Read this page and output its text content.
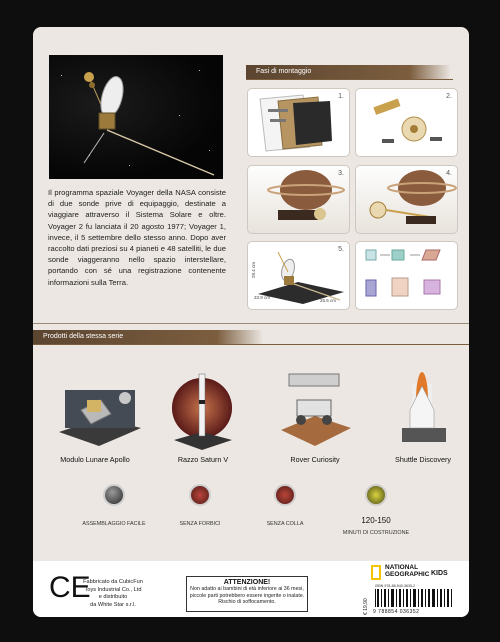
Il programma spaziale Voyager della NASA consiste di due sonde prive di equipaggio, destinate a viaggiare attraverso il Sistema Solare e oltre. Voyager 2 fu lanciata il 20 agosto 1977; Voyager 1, invece, il 5 settembre dello stesso anno. Dopo aver raccolto dati preziosi su 4 pianeti e 48 satelliti, le due sonde viaggeranno nello spazio interstellare, portando con sé una registrazione contenente informazioni sulla Terra.
Fasi di montaggio
1.	2.
3.	4.
5.
33.9 cm
28.4 cm
25.5 cm
Prodotti della stessa serie
Modulo Lunare Apollo	Razzo Saturn V	Rover Curiosity	Shuttle Discovery
ASSEMBLAGGIO FACILE	SENZA FORBICI	SENZA COLLA	120-150
MINUTI DI COSTRUZIONE
CE
Fabbricato da CubicFun
Toys Industrial Co., Ltd
e distribuito
da White Star s.r.l.
ATTENZIONE!
Non adatto ai bambini di età inferiore ai 36 mesi,
piccole parti potrebbero essere ingerite o inalate.
Rischio di soffocamento.
NATIONAL
GEOGRAPHIC KIDS
€ 19,90
ISBN 978-88-540-3635-2
9 788854 036352
